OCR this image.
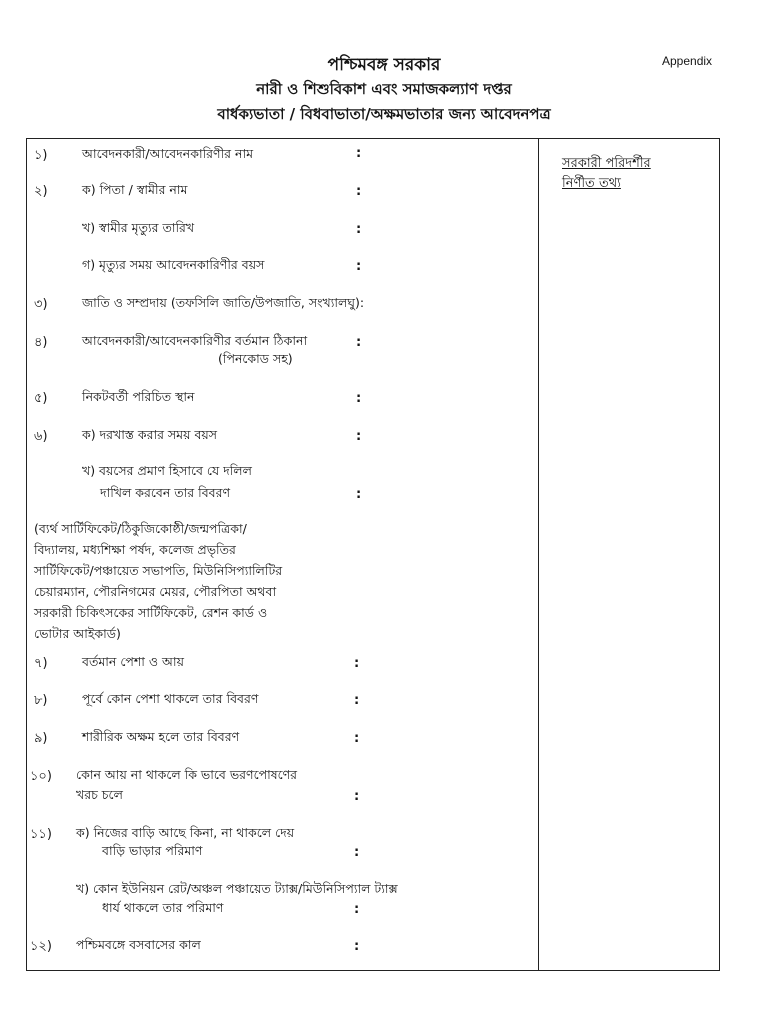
পশ্চিমবঙ্গ সরকার
নারী ও শিশুবিকাশ এবং সমাজকল্যাণ দপ্তর
বার্ধক্যভাতা / বিধবাভাতা/অক্ষমভাতার জন্য আবেদনপত্র
Appendix
সরকারী পরিদর্শীর
নির্ণীত তথ্য
১)	আবেদনকারী/আবেদনকারিণীর নাম	:
২)	ক) পিতা / স্বামীর নাম	:
খ) স্বামীর মৃত্যুর তারিখ	:
গ) মৃত্যুর সময় আবেদনকারিণীর বয়স	:
৩)	জাতি ও সম্প্রদায় (তফসিলি জাতি/উপজাতি, সংখ্যালঘু):
৪)	আবেদনকারী/আবেদনকারিণীর বর্তমান ঠিকানা	:
(পিনকোড সহ)
৫)	নিকটবর্তী পরিচিত স্থান	:
৬)	ক) দরখাস্ত করার সময় বয়স	:
খ) বয়সের প্রমাণ হিসাবে যে দলিল
দাখিল করবেন তার বিবরণ	:
(ব্যর্থ সার্টিফিকেট/ঠিকুজিকোষ্ঠী/জন্মপত্রিকা/
বিদ্যালয়, মধ্যশিক্ষা পর্ষদ, কলেজ প্রভৃতির
সার্টিফিকেট/পঞ্চায়েত সভাপতি, মিউনিসিপ্যালিটির
চেয়ারম্যান, পৌরনিগমের মেয়র, পৌরপিতা অথবা
সরকারী চিকিৎসকের সার্টিফিকেট, রেশন কার্ড ও
ভোটার আইকার্ড)
৭)	বর্তমান পেশা ও আয়	:
৮)	পূর্বে কোন পেশা থাকলে তার বিবরণ	:
৯)	শারীরিক অক্ষম হলে তার বিবরণ	:
১০) কোন আয় না থাকলে কি ভাবে ভরণপোষণের
খরচ চলে	:
১১) ক) নিজের বাড়ি আছে কিনা, না থাকলে দেয়
বাড়ি ভাড়ার পরিমাণ	:
খ) কোন ইউনিয়ন রেট/অঞ্চল পঞ্চায়েত ট্যাক্স/মিউনিসিপ্যাল ট্যাক্স
ধার্য থাকলে তার পরিমাণ	:
১২) পশ্চিমবঙ্গে বসবাসের কাল	:
